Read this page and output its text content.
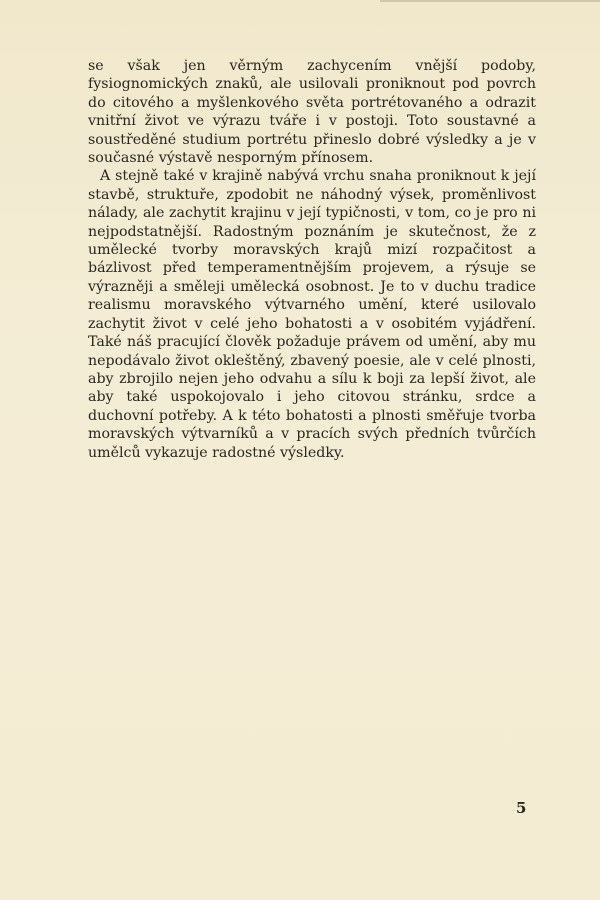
se však jen věrným zachycením vnější podoby, fysiognomických znaků, ale usilovali proniknout pod povrch do citového a myšlenkového světa portrétovaného a odrazit vnitřní život ve výrazu tváře i v postoji. Toto soustavné a soustředěné studium portrétu přineslo dobré výsledky a je v současné výstavě nesporným přínosem.

A stejně také v krajině nabývá vrchu snaha proniknout k její stavbě, struktuře, zpodobit ne náhodný výsek, proměnlivost nálady, ale zachytit krajinu v její typičnosti, v tom, co je pro ni nejpodstatnější. Radostným poznáním je skutečnost, že z umělecké tvorby moravských krajů mizí rozpačitost a bázlivost před temperamentnějším projevem, a rýsuje se výrazněji a směleji umělecká osobnost. Je to v duchu tradice realismu moravského výtvarného umění, které usilovalo zachytit život v celé jeho bohatosti a v osobitém vyjádření. Také náš pracující člověk požaduje právem od umění, aby mu nepodávalo život okleštěný, zbavený poesie, ale v celé plnosti, aby zbrojilo nejen jeho odvahu a sílu k boji za lepší život, ale aby také uspokojovalo i jeho citovou stránku, srdce a duchovní potřeby. A k této bohatosti a plnosti směřuje tvorba moravských výtvarníků a v pracích svých předních tvůrčích umělců vykazuje radostné výsledky.

5
